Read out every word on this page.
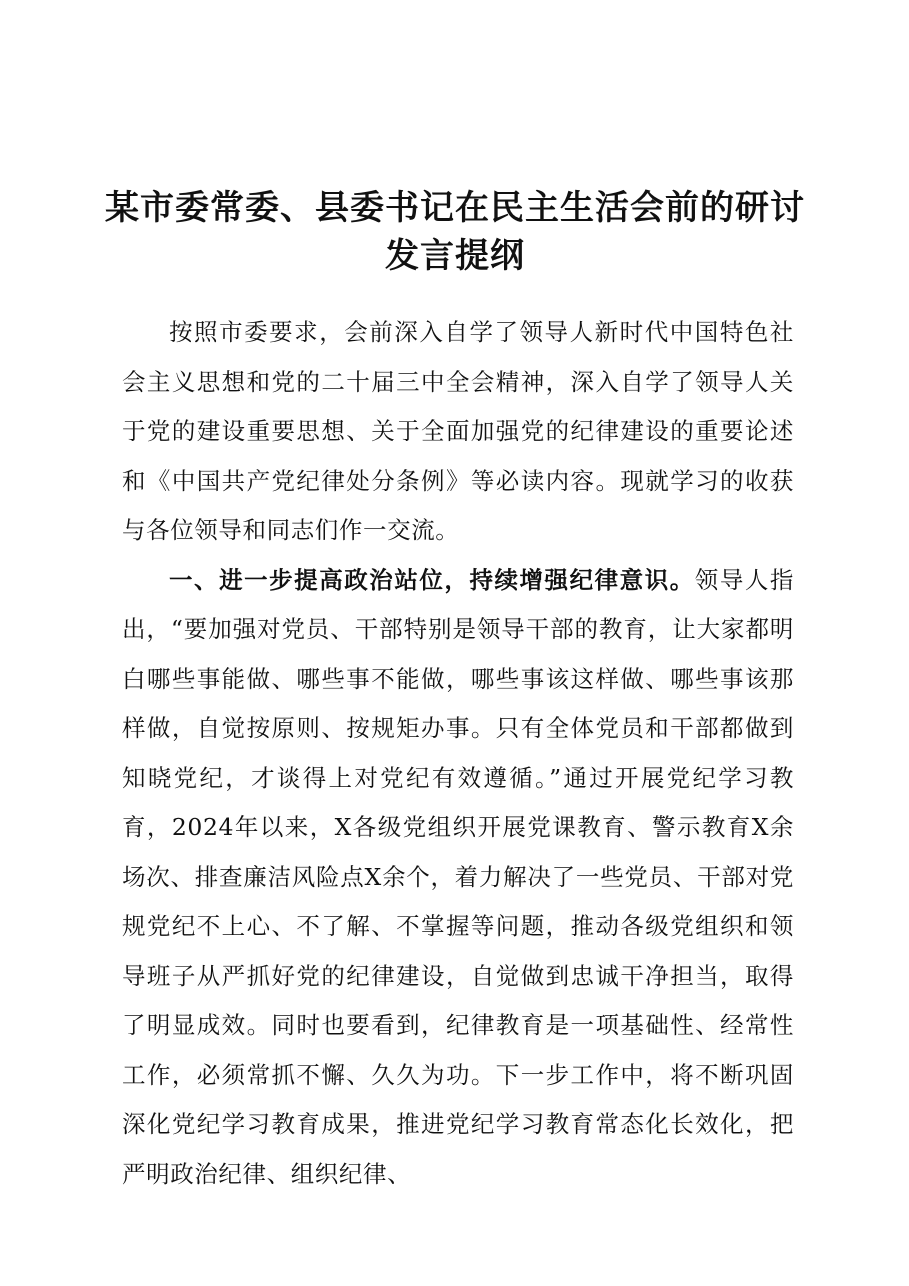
某市委常委、县委书记在民主生活会前的研讨
发言提纲

按照市委要求，会前深入自学了领导人新时代中国特色社会主义思想和党的二十届三中全会精神，深入自学了领导人关于党的建设重要思想、关于全面加强党的纪律建设的重要论述和《中国共产党纪律处分条例》等必读内容。现就学习的收获与各位领导和同志们作一交流。

一、进一步提高政治站位，持续增强纪律意识。领导人指出，“要加强对党员、干部特别是领导干部的教育，让大家都明白哪些事能做、哪些事不能做，哪些事该这样做、哪些事该那样做，自觉按原则、按规矩办事。只有全体党员和干部都做到知晓党纪，才谈得上对党纪有效遵循。”通过开展党纪学习教育，2024年以来，X各级党组织开展党课教育、警示教育X余场次、排查廉洁风险点X余个，着力解决了一些党员、干部对党规党纪不上心、不了解、不掌握等问题，推动各级党组织和领导班子从严抓好党的纪律建设，自觉做到忠诚干净担当，取得了明显成效。同时也要看到，纪律教育是一项基础性、经常性工作，必须常抓不懈、久久为功。下一步工作中，将不断巩固深化党纪学习教育成果，推进党纪学习教育常态化长效化，把严明政治纪律、组织纪律、
